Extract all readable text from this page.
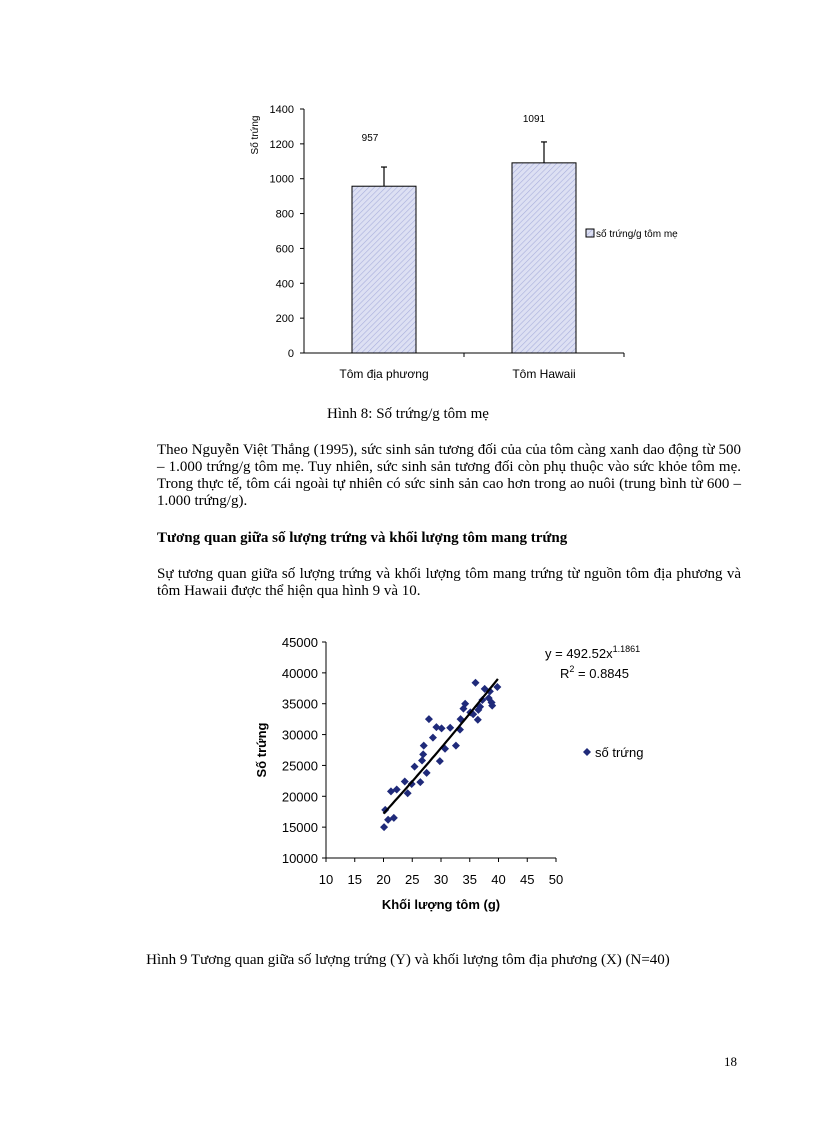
0
200
400
600
800
1000
1200
1400
Số trứng	957
Tôm địa phương
1091
Tôm Hawaii
số trứng/g tôm mẹ
Hình 8: Số trứng/g tôm mẹ
Theo Nguyễn Việt Thắng (1995), sức sinh sản tương đối của của tôm càng xanh dao động từ 500 – 1.000 trứng/g tôm mẹ. Tuy nhiên, sức sinh sản tương đối còn phụ thuộc vào sức khỏe tôm mẹ. Trong thực tế, tôm cái ngoài tự nhiên có sức sinh sản cao hơn trong ao nuôi (trung bình từ 600 – 1.000 trứng/g).
Tương quan giữa số lượng trứng và khối lượng tôm mang trứng
Sự tương quan giữa số lượng trứng và khối lượng tôm mang trứng từ nguồn tôm địa phương và tôm Hawaii được thể hiện qua hình 9 và 10.
10000
15000
20000
25000
30000
35000
40000
45000
10 15 20 25 30 35 40 45 50
Khối lượng tôm (g)
Số trứng
$y = 492.52x^{1.1861}$
$R^2 = 0.8845$
số trứng
Hình 9 Tương quan giữa số lượng trứng (Y) và khối lượng tôm địa phương (X) (N=40)
18
